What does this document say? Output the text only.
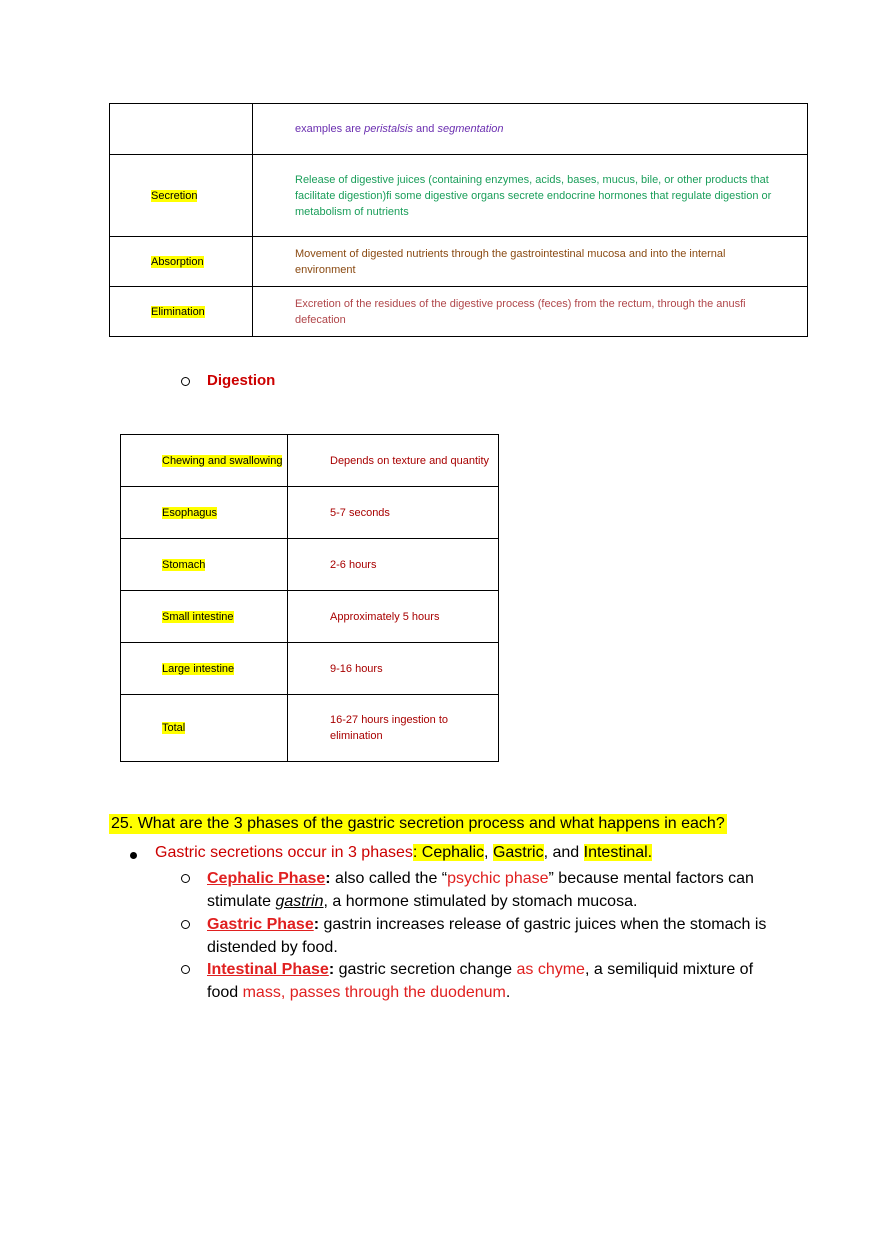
	examples are peristalsis and segmentation
Secretion	Release of digestive juices (containing enzymes, acids, bases, mucus, bile, or other products that facilitate digestion)fi some digestive organs secrete endocrine hormones that regulate digestion or metabolism of nutrients
Absorption	Movement of digested nutrients through the gastrointestinal mucosa and into the internal environment
Elimination	Excretion of the residues of the digestive process (feces) from the rectum, through the anusfi defecation
Digestion
Chewing and swallowing	Depends on texture and quantity
Esophagus	5-7 seconds
Stomach	2-6 hours
Small intestine	Approximately 5 hours
Large intestine	9-16 hours
Total	16-27 hours ingestion to elimination
25. What are the 3 phases of the gastric secretion process and what happens in each?
Gastric secretions occur in 3 phases: Cephalic, Gastric, and Intestinal.
Cephalic Phase: also called the “psychic phase” because mental factors can stimulate gastrin, a hormone stimulated by stomach mucosa.
Gastric Phase: gastrin increases release of gastric juices when the stomach is distended by food.
Intestinal Phase: gastric secretion change as chyme, a semiliquid mixture of food mass, passes through the duodenum.
